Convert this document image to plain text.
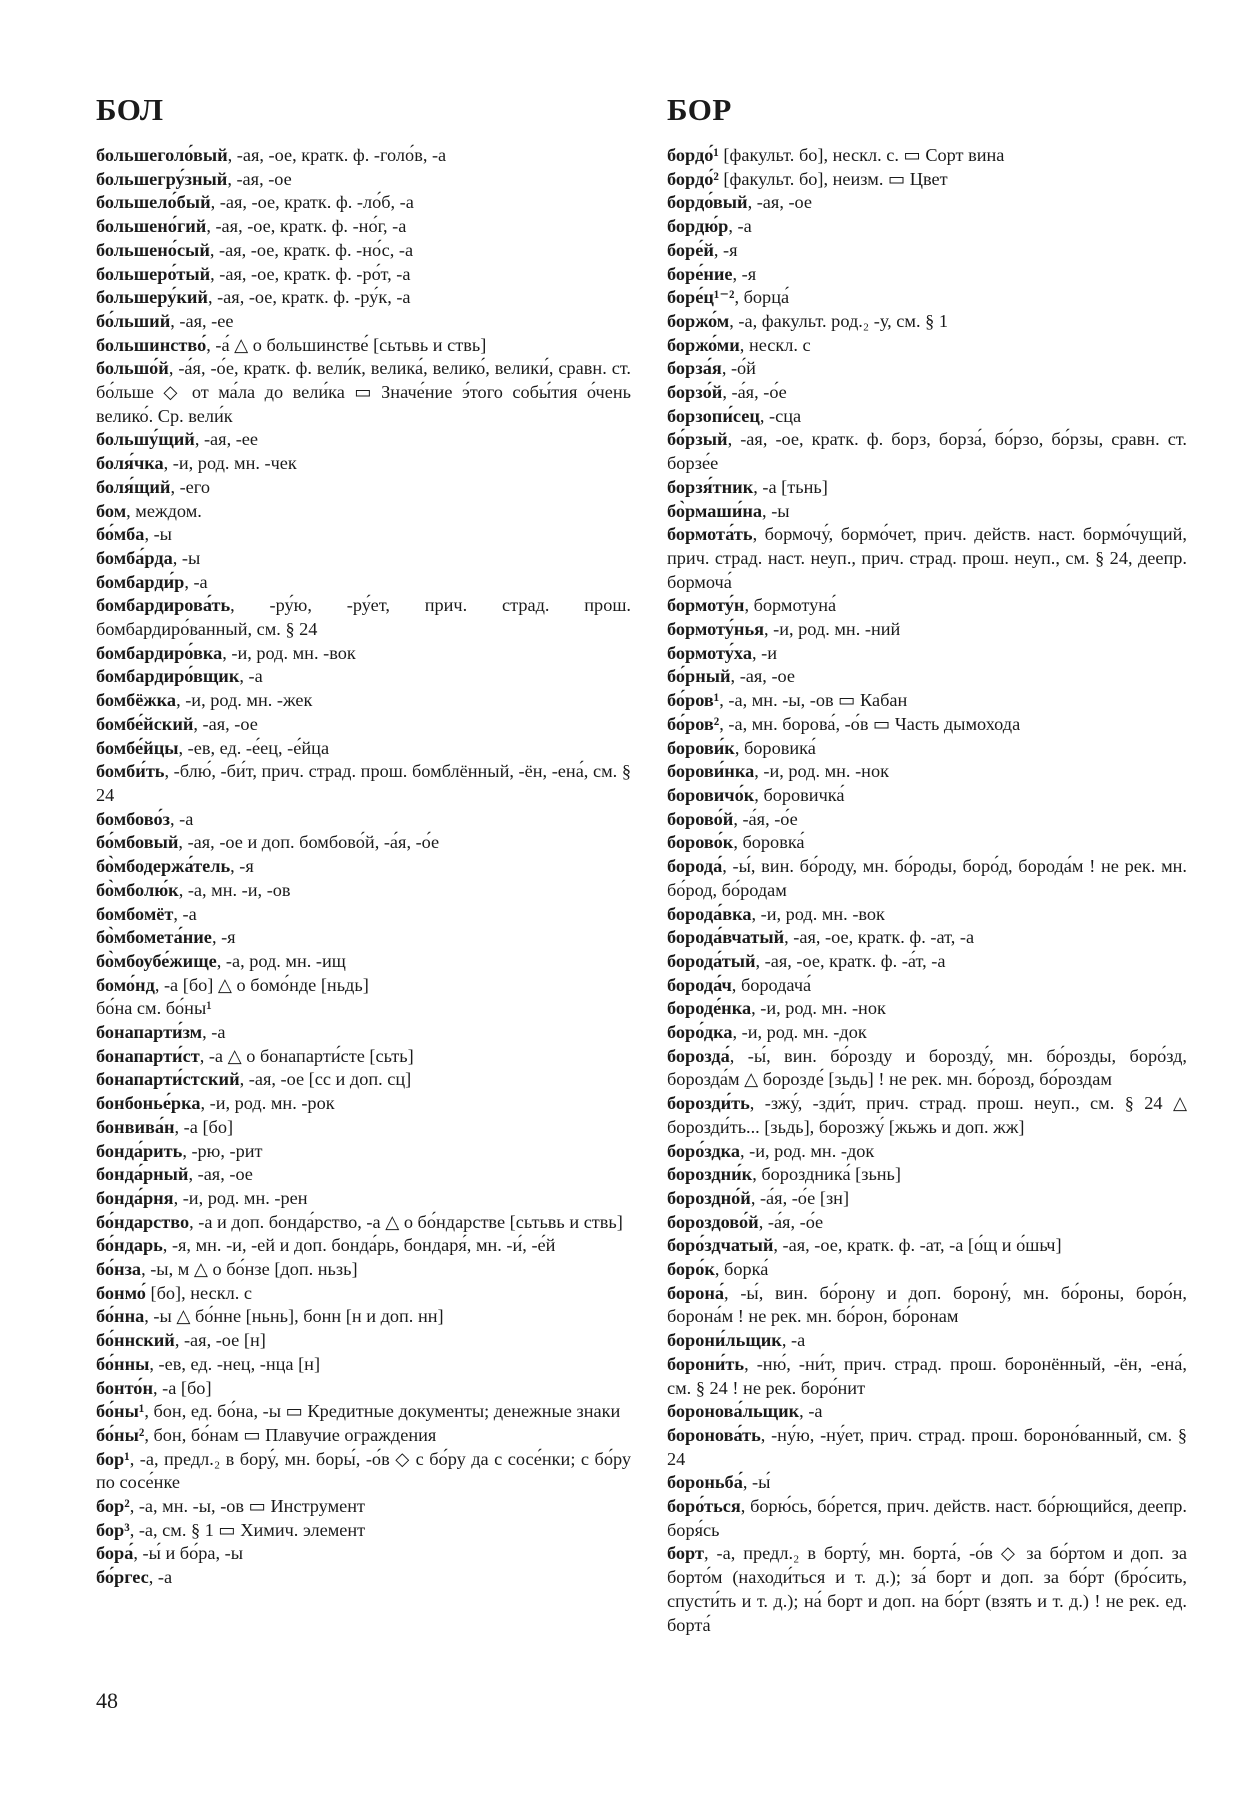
БОЛ
большеголо́вый, -ая, -ое, кратк. ф. -голо́в, -а
большегру́зный, -ая, -ое
большело́бый, -ая, -ое, кратк. ф. -ло́б, -а
большено́гий, -ая, -ое, кратк. ф. -но́г, -а
большено́сый, -ая, -ое, кратк. ф. -но́с, -а
большеро́тый, -ая, -ое, кратк. ф. -ро́т, -а
большеру́кий, -ая, -ое, кратк. ф. -ру́к, -а
бо́льший, -ая, -ее
большинство́, -а́ △ о большинстве́ [сьтьвь и ствь]
большо́й, -а́я, -о́е, кратк. ф. вели́к, велика́, велико́, велики́, сравн. ст. бо́льше ◇ от ма́ла до вели́ка ▭ Значе́ние э́того собы́тия о́чень велико́. Ср. вели́к
большу́щий, -ая, -ее
боля́чка, -и, род. мн. -чек
боля́щий, -его
бом, междом.
бо́мба, -ы
бомба́рда, -ы
бомбарди́р, -а
бомбардирова́ть, -ру́ю, -ру́ет, прич. страд. прош. бомбардиро́ванный, см. § 24
бомбардиро́вка, -и, род. мн. -вок
бомбардиро́вщик, -а
бомбёжка, -и, род. мн. -жек
бомбе́йский, -ая, -ое
бомбе́йцы, -ев, ед. -е́ец, -е́йца
бомби́ть, -блю́, -би́т, прич. страд. прош. бомблённый, -ён, -ена́, см. § 24
бомбово́з, -а
бо́мбовый, -ая, -ое и доп. бомбово́й, -а́я, -о́е
бо̀мбодержа́тель, -я
бо̀мболю́к, -а, мн. -и, -ов
бомбомёт, -а
бо̀мбомета́ние, -я
бо̀мбоубе́жище, -а, род. мн. -ищ
бомо́нд, -а [бо] △ о бомо́нде [ньдь]
бо́на см. бо́ны¹
бонапарти́зм, -а
бонапарти́ст, -а △ о бонапарти́сте [сьть]
бонапарти́стский, -ая, -ое [сс и доп. сц]
бонбонье́рка, -и, род. мн. -рок
бонвива́н, -а [бо]
бонда́рить, -рю, -рит
бонда́рный, -ая, -ое
бонда́рня, -и, род. мн. -рен
бо́ндарство, -а и доп. бонда́рство, -а △ о бо́ндарстве [сьтьвь и ствь]
бо́ндарь, -я, мн. -и, -ей и доп. бонда́рь, бондаря́, мн. -и́, -е́й
бо́нза, -ы, м △ о бо́нзе [доп. ньзь]
бонмо́ [бо], нескл. с
бо́нна, -ы △ бо́нне [ньнь], бонн [н и доп. нн]
бо́ннский, -ая, -ое [н]
бо́нны, -ев, ед. -нец, -нца [н]
бонто́н, -а [бо]
бо́ны¹, бон, ед. бо́на, -ы ▭ Кредитные документы; денежные знаки
бо́ны², бон, бо́нам ▭ Плавучие ограждения
бор¹, -а, предл.₂ в бору́, мн. боры́, -о́в ◇ с бо́ру да с сосе́нки; с бо́ру по сосе́нке
бор², -а, мн. -ы, -ов ▭ Инструмент
бор³, -а, см. § 1 ▭ Химич. элемент
бора́, -ы́ и бо́ра, -ы
бо́ргес, -а
БОР
бордо́¹ [факульт. бо], нескл. с. ▭ Сорт вина
бордо́² [факульт. бо], неизм. ▭ Цвет
бордо́вый, -ая, -ое
бордю́р, -а
боре́й, -я
боре́ние, -я
боре́ц¹⁻², борца́
боржо́м, -а, факульт. род.₂ -у, см. § 1
боржо́ми, нескл. с
борза́я, -о́й
борзо́й, -а́я, -о́е
борзопи́сец, -сца
бо́рзый, -ая, -ое, кратк. ф. борз, борза́, бо́рзо, бо́рзы, сравн. ст. борзе́е
борзя́тник, -а [тьнь]
бо̀рмаши́на, -ы
бормота́ть, бормочу́, бормо́чет, прич. действ. наст. бормо́чущий, прич. страд. наст. неуп., прич. страд. прош. неуп., см. § 24, деепр. бормоча́
бормоту́н, бормотуна́
бормоту́нья, -и, род. мн. -ний
бормоту́ха, -и
бо́рный, -ая, -ое
бо́ров¹, -а, мн. -ы, -ов ▭ Кабан
бо́ров², -а, мн. борова́, -о́в ▭ Часть дымохода
борови́к, боровика́
борови́нка, -и, род. мн. -нок
боровичо́к, боровичка́
борово́й, -а́я, -о́е
борово́к, боровка́
борода́, -ы́, вин. бо́роду, мн. бо́роды, боро́д, борода́м ! не рек. мн. бо́род, бо́родам
борода́вка, -и, род. мн. -вок
борода́вчатый, -ая, -ое, кратк. ф. -ат, -а
борода́тый, -ая, -ое, кратк. ф. -а́т, -а
борода́ч, бородача́
бороде́нка, -и, род. мн. -нок
боро́дка, -и, род. мн. -док
борозда́, -ы́, вин. бо́розду и борозду́, мн. бо́розды, боро́зд, борозда́м △ борозде́ [зьдь] ! не рек. мн. бо́розд, бо́роздам
борозди́ть, -зжу́, -зди́т, прич. страд. прош. неуп., см. § 24 △ борозди́ть... [зьдь], борозжу́ [жьжь и доп. жж]
боро́здка, -и, род. мн. -док
бороздни́к, бороздника́ [зьнь]
бороздно́й, -а́я, -о́е [зн]
бороздово́й, -а́я, -о́е
боро́здчатый, -ая, -ое, кратк. ф. -ат, -а [о́щ и о́шьч]
боро́к, борка́
борона́, -ы́, вин. бо́рону и доп. борону́, мн. бо́роны, боро́н, борона́м ! не рек. мн. бо́рон, бо́ронам
борони́льщик, -а
борони́ть, -ню́, -ни́т, прич. страд. прош. боронённый, -ён, -ена́, см. § 24 ! не рек. боро́нит
боронова́льщик, -а
боронова́ть, -ну́ю, -ну́ет, прич. страд. прош. бороно́ванный, см. § 24
бороньба́, -ы́
боро́ться, борю́сь, бо́рется, прич. действ. наст. бо́рющийся, деепр. боря́сь
борт, -а, предл.₂ в борту́, мн. борта́, -о́в ◇ за бо́ртом и доп. за борто́м (находи́ться и т. д.); за́ борт и доп. за бо́рт (бро́сить, спусти́ть и т. д.); на́ борт и доп. на бо́рт (взять и т. д.) ! не рек. ед. борта́
48
